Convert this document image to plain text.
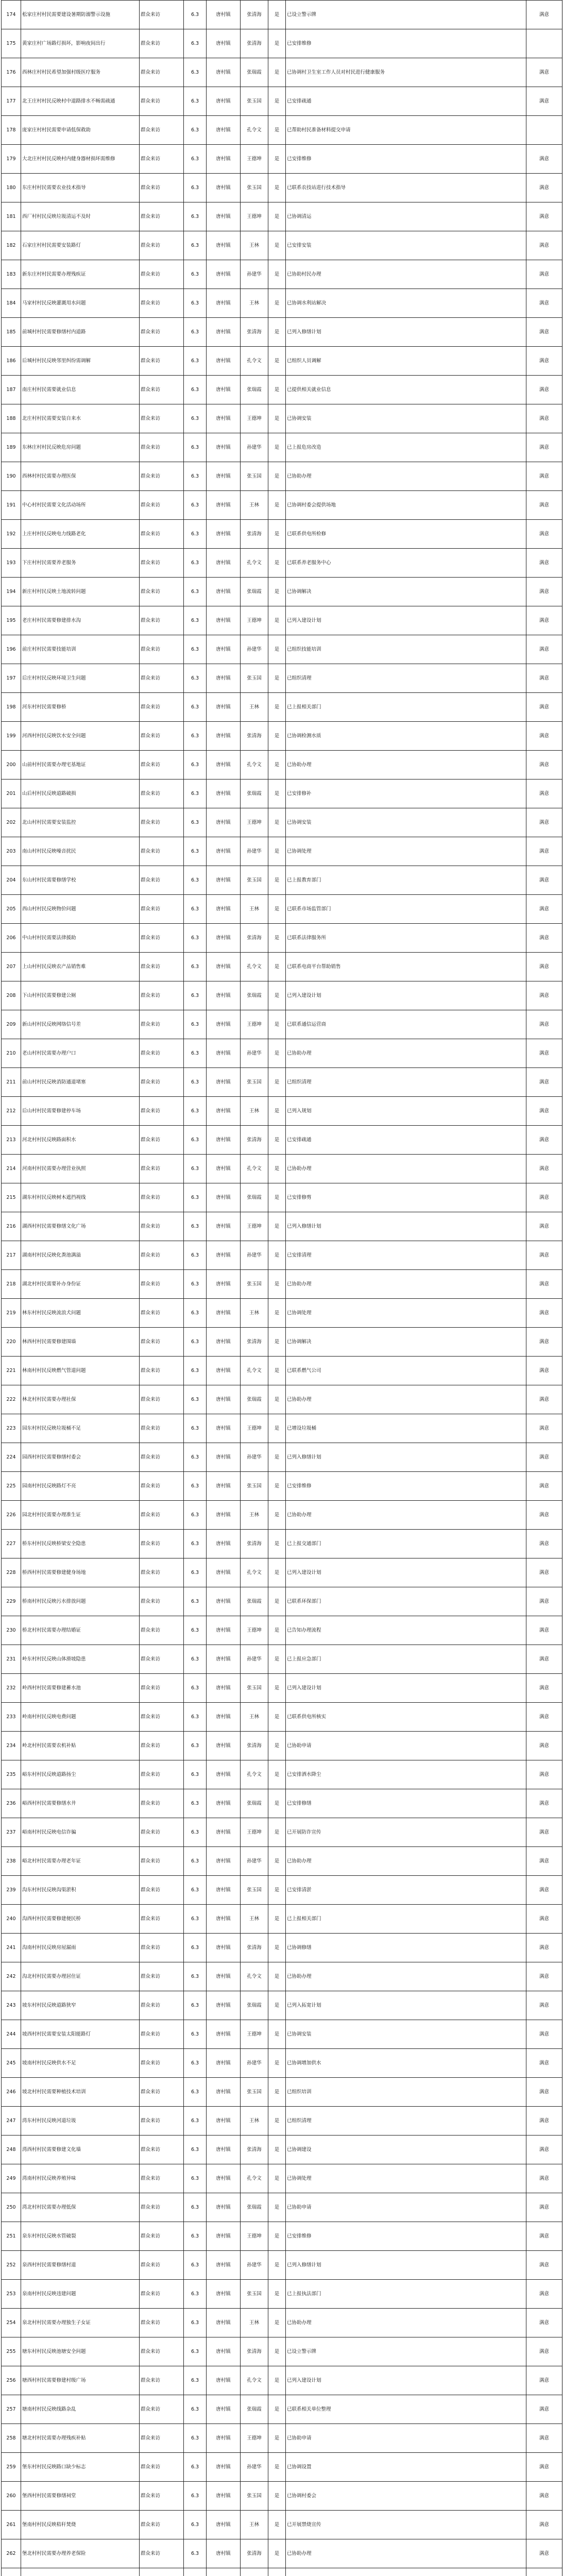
174	松家庄村村民需要建设暑期防溺警示设施	群众来访	6.3	唐村镇	张清海	是	已设立警示牌	满意
175	黄家庄村广场路灯损坏，影响夜间出行	群众来访	6.3	唐村镇	张清海	是	已安排维修	
176	西林庄村村民希望加强村级医疗服务	群众来访	6.3	唐村镇	张瑞霞	是	已协调村卫生室工作人员对村民进行健康服务	满意
177	北王庄村村民反映村中道路排水不畅需疏通	群众来访	6.3	唐村镇	张玉国	是	已安排疏通	满意
178	庞家庄村村民需要申请低保救助	群众来访	6.3	唐村镇	孔令文	是	已帮助村民准备材料提交申请	
179	大北庄村村民反映村内健身器材损坏需维修	群众来访	6.3	唐村镇	王德坤	是	已安排维修	满意
180	东庄村村民需要农业技术指导	群众来访	6.3	唐村镇	张玉国	是	已联系农技站进行技术指导	满意
181	西厂村村民反映垃圾清运不及时	群众来访	6.3	唐村镇	王德坤	是	已协调清运	满意
182	石家庄村村民需要安装路灯	群众来访	6.3	唐村镇	王林	是	已安排安装	满意
183	新东庄村村民需要办理残疾证	群众来访	6.3	唐村镇	孙建华	是	已协助村民办理	满意
184	马家村村民反映灌溉用水问题	群众来访	6.3	唐村镇	王林	是	已协调水利站解决	满意
185	前城村村民需要修缮村内道路	群众来访	6.3	唐村镇	张清海	是	已列入修缮计划	满意
186	后城村村民反映邻里纠纷需调解	群众来访	6.3	唐村镇	孔令文	是	已组织人员调解	满意
187	南庄村村民需要就业信息	群众来访	6.3	唐村镇	张瑞霞	是	已提供相关就业信息	满意
188	北庄村村民需要安装自来水	群众来访	6.3	唐村镇	王德坤	是	已协调安装	满意
189	东林庄村村民反映危房问题	群众来访	6.3	唐村镇	孙建华	是	已上报危房改造	满意
190	西林村村民需要办理医保	群众来访	6.3	唐村镇	张玉国	是	已协助办理	满意
191	中心村村民需要文化活动场所	群众来访	6.3	唐村镇	王林	是	已协调村委会提供场地	满意
192	上庄村村民反映电力线路老化	群众来访	6.3	唐村镇	张清海	是	已联系供电所检修	满意
193	下庄村村民需要养老服务	群众来访	6.3	唐村镇	孔令文	是	已联系养老服务中心	满意
194	新庄村村民反映土地流转问题	群众来访	6.3	唐村镇	张瑞霞	是	已协调解决	满意
195	老庄村村民需要修建排水沟	群众来访	6.3	唐村镇	王德坤	是	已列入建设计划	满意
196	前庄村村民需要技能培训	群众来访	6.3	唐村镇	孙建华	是	已组织技能培训	满意
197	后庄村村民反映环境卫生问题	群众来访	6.3	唐村镇	张玉国	是	已组织清理	满意
198	河东村村民需要修桥	群众来访	6.3	唐村镇	王林	是	已上报相关部门	满意
199	河西村村民反映饮水安全问题	群众来访	6.3	唐村镇	张清海	是	已协调检测水质	满意
200	山前村村民需要办理宅基地证	群众来访	6.3	唐村镇	孔令文	是	已协助办理	满意
201	山后村村民反映道路破损	群众来访	6.3	唐村镇	张瑞霞	是	已安排修补	满意
202	北山村村民需要安装监控	群众来访	6.3	唐村镇	王德坤	是	已协调安装	满意
203	南山村村民反映噪音扰民	群众来访	6.3	唐村镇	孙建华	是	已协调处理	满意
204	东山村村民需要修缮学校	群众来访	6.3	唐村镇	张玉国	是	已上报教育部门	满意
205	西山村村民反映物价问题	群众来访	6.3	唐村镇	王林	是	已联系市场监管部门	满意
206	中山村村民需要法律援助	群众来访	6.3	唐村镇	张清海	是	已联系法律服务所	满意
207	上山村村民反映农产品销售难	群众来访	6.3	唐村镇	孔令文	是	已联系电商平台帮助销售	满意
208	下山村村民需要修建公厕	群众来访	6.3	唐村镇	张瑞霞	是	已列入建设计划	满意
209	新山村村民反映网络信号差	群众来访	6.3	唐村镇	王德坤	是	已联系通信运营商	满意
210	老山村村民需要办理户口	群众来访	6.3	唐村镇	孙建华	是	已协助办理	满意
211	前山村村民反映消防通道堵塞	群众来访	6.3	唐村镇	张玉国	是	已组织清理	满意
212	后山村村民需要修建停车场	群众来访	6.3	唐村镇	王林	是	已列入规划	满意
213	河北村村民反映路面积水	群众来访	6.3	唐村镇	张清海	是	已安排疏通	满意
214	河南村村民需要办理营业执照	群众来访	6.3	唐村镇	孔令文	是	已协助办理	满意
215	湖东村村民反映树木遮挡视线	群众来访	6.3	唐村镇	张瑞霞	是	已安排修剪	满意
216	湖西村村民需要修缮文化广场	群众来访	6.3	唐村镇	王德坤	是	已列入修缮计划	满意
217	湖南村村民反映化粪池满溢	群众来访	6.3	唐村镇	孙建华	是	已安排清理	满意
218	湖北村村民需要补办身份证	群众来访	6.3	唐村镇	张玉国	是	已协助办理	满意
219	林东村村民反映流浪犬问题	群众来访	6.3	唐村镇	王林	是	已协调处理	满意
220	林西村村民需要修建围墙	群众来访	6.3	唐村镇	张清海	是	已协调解决	满意
221	林南村村民反映燃气管道问题	群众来访	6.3	唐村镇	孔令文	是	已联系燃气公司	满意
222	林北村村民需要办理社保	群众来访	6.3	唐村镇	张瑞霞	是	已协助办理	满意
223	园东村村民反映垃圾桶不足	群众来访	6.3	唐村镇	王德坤	是	已增设垃圾桶	满意
224	园西村村民需要修缮村委会	群众来访	6.3	唐村镇	孙建华	是	已列入修缮计划	满意
225	园南村村民反映路灯不亮	群众来访	6.3	唐村镇	张玉国	是	已安排维修	满意
226	园北村村民需要办理准生证	群众来访	6.3	唐村镇	王林	是	已协助办理	满意
227	桥东村村民反映桥梁安全隐患	群众来访	6.3	唐村镇	张清海	是	已上报交通部门	满意
228	桥西村村民需要修建健身场地	群众来访	6.3	唐村镇	孔令文	是	已列入建设计划	满意
229	桥南村村民反映污水排放问题	群众来访	6.3	唐村镇	张瑞霞	是	已联系环保部门	满意
230	桥北村村民需要办理结婚证	群众来访	6.3	唐村镇	王德坤	是	已告知办理流程	满意
231	岭东村村民反映山体滑坡隐患	群众来访	6.3	唐村镇	孙建华	是	已上报应急部门	满意
232	岭西村村民需要修建蓄水池	群众来访	6.3	唐村镇	张玉国	是	已列入建设计划	满意
233	岭南村村民反映电费问题	群众来访	6.3	唐村镇	王林	是	已联系供电所核实	满意
234	岭北村村民需要农机补贴	群众来访	6.3	唐村镇	张清海	是	已协助申请	满意
235	峪东村村民反映道路扬尘	群众来访	6.3	唐村镇	孔令文	是	已安排洒水降尘	满意
236	峪西村村民需要修缮水井	群众来访	6.3	唐村镇	张瑞霞	是	已安排修缮	满意
237	峪南村村民反映电信诈骗	群众来访	6.3	唐村镇	王德坤	是	已开展防诈宣传	满意
238	峪北村村民需要办理老年证	群众来访	6.3	唐村镇	孙建华	是	已协助办理	满意
239	沟东村村民反映沟渠淤积	群众来访	6.3	唐村镇	张玉国	是	已安排清淤	满意
240	沟西村村民需要修建便民桥	群众来访	6.3	唐村镇	王林	是	已上报相关部门	满意
241	沟南村村民反映房屋漏雨	群众来访	6.3	唐村镇	张清海	是	已协调修缮	满意
242	沟北村村民需要办理居住证	群众来访	6.3	唐村镇	孔令文	是	已协助办理	满意
243	坡东村村民反映道路狭窄	群众来访	6.3	唐村镇	张瑞霞	是	已列入拓宽计划	满意
244	坡西村村民需要安装太阳能路灯	群众来访	6.3	唐村镇	王德坤	是	已协调安装	满意
245	坡南村村民反映供水不足	群众来访	6.3	唐村镇	孙建华	是	已协调增加供水	满意
246	坡北村村民需要种植技术培训	群众来访	6.3	唐村镇	张玉国	是	已组织培训	满意
247	湾东村村民反映河道垃圾	群众来访	6.3	唐村镇	王林	是	已组织清理	满意
248	湾西村村民需要修建文化墙	群众来访	6.3	唐村镇	张清海	是	已协调建设	满意
249	湾南村村民反映养殖异味	群众来访	6.3	唐村镇	孔令文	是	已协调处理	满意
250	湾北村村民需要办理低保	群众来访	6.3	唐村镇	张瑞霞	是	已协助申请	满意
251	泉东村村民反映水管破裂	群众来访	6.3	唐村镇	王德坤	是	已安排维修	满意
252	泉西村村民需要修缮村道	群众来访	6.3	唐村镇	孙建华	是	已列入修缮计划	满意
253	泉南村村民反映违建问题	群众来访	6.3	唐村镇	张玉国	是	已上报执法部门	满意
254	泉北村村民需要办理独生子女证	群众来访	6.3	唐村镇	王林	是	已协助办理	满意
255	塘东村村民反映池塘安全问题	群众来访	6.3	唐村镇	张清海	是	已设立警示牌	满意
256	塘西村村民需要修建村级广场	群众来访	6.3	唐村镇	孔令文	是	已列入建设计划	满意
257	塘南村村民反映线路杂乱	群众来访	6.3	唐村镇	张瑞霞	是	已联系相关单位整理	满意
258	塘北村村民需要办理残疾补贴	群众来访	6.3	唐村镇	王德坤	是	已协助申请	满意
259	堡东村村民反映路口缺少标志	群众来访	6.3	唐村镇	孙建华	是	已协调设置	满意
260	堡西村村民需要修缮祠堂	群众来访	6.3	唐村镇	张玉国	是	已协调村委会	满意
261	堡南村村民反映秸秆焚烧	群众来访	6.3	唐村镇	王林	是	已开展禁烧宣传	满意
262	堡北村村民需要办理养老保险	群众来访	6.3	唐村镇	张清海	是	已协助办理	满意
